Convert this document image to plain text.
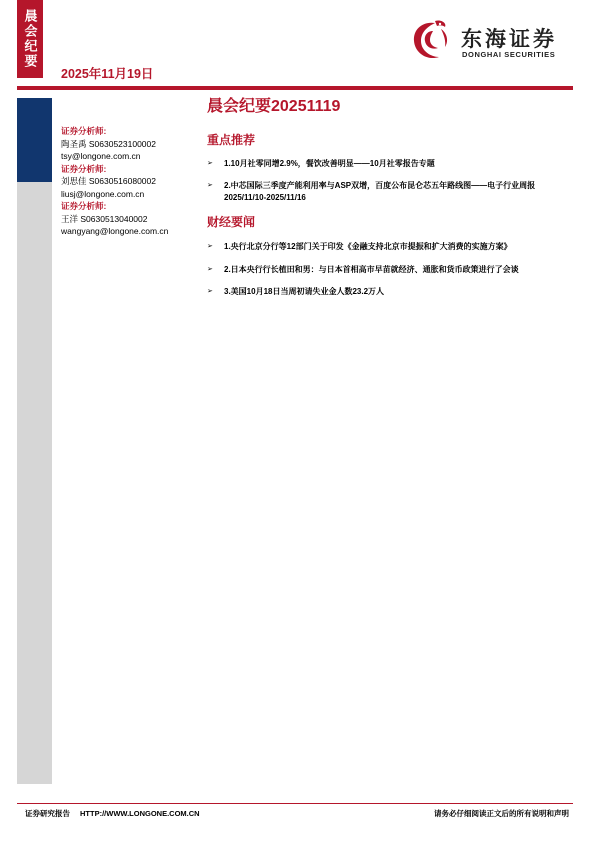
晨会纪要
2025年11月19日
东海证券
DONGHAI SECURITIES
证券分析师:
陶圣禹 S0630523100002
tsy@longone.com.cn
证券分析师:
刘思佳 S0630516080002
liusj@longone.com.cn
证券分析师:
王洋 S0630513040002
wangyang@longone.com.cn
晨会纪要20251119
重点推荐
➢	1.10月社零同增2.9%，餐饮改善明显——10月社零报告专题
➢	2.中芯国际三季度产能利用率与ASP双增，百度公布昆仑芯五年路线图——电子行业周报2025/11/10-2025/11/16
财经要闻
➢	1.央行北京分行等12部门关于印发《金融支持北京市提振和扩大消费的实施方案》
➢	2.日本央行行长植田和男：与日本首相高市早苗就经济、通胀和货币政策进行了会谈
➢	3.美国10月18日当周初请失业金人数23.2万人
证券研究报告 HTTP://WWW.LONGONE.COM.CN	请务必仔细阅读正文后的所有说明和声明
